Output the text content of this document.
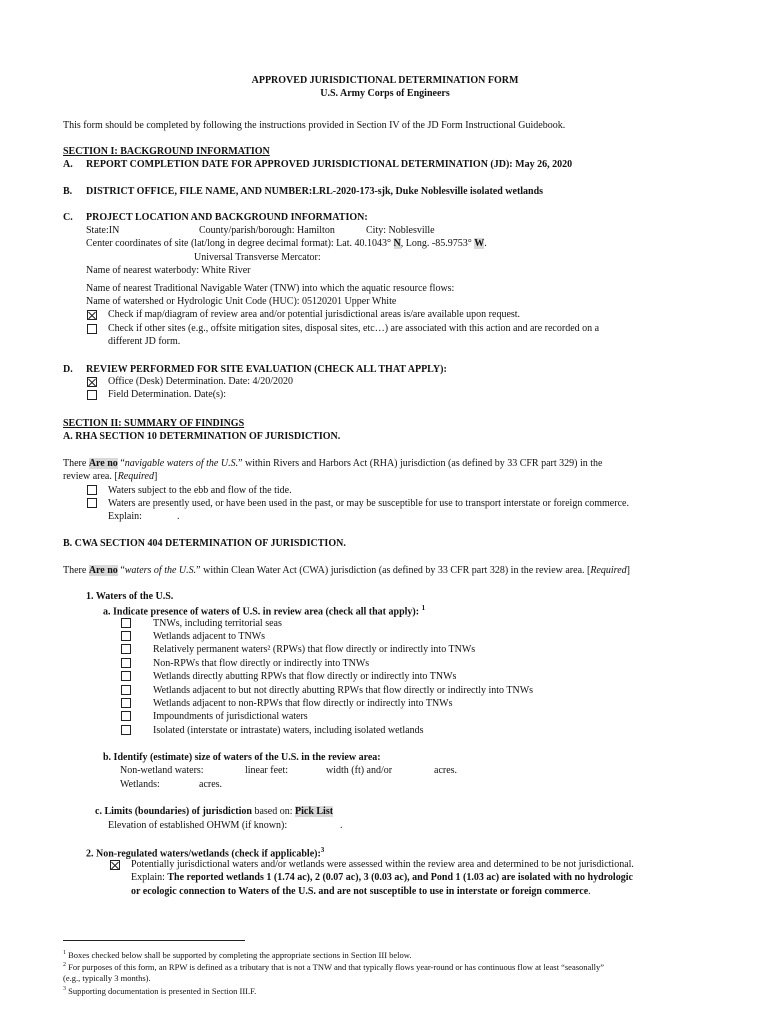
APPROVED JURISDICTIONAL DETERMINATION FORM
U.S. Army Corps of Engineers
This form should be completed by following the instructions provided in Section IV of the JD Form Instructional Guidebook.
SECTION I: BACKGROUND INFORMATION
A. REPORT COMPLETION DATE FOR APPROVED JURISDICTIONAL DETERMINATION (JD): May 26, 2020
B. DISTRICT OFFICE, FILE NAME, AND NUMBER:LRL-2020-173-sjk, Duke Noblesville isolated wetlands
C. PROJECT LOCATION AND BACKGROUND INFORMATION:
State:IN	County/parish/borough: Hamilton	City: Noblesville
Center coordinates of site (lat/long in degree decimal format): Lat. 40.1043° N, Long. -85.9753° W.
Universal Transverse Mercator:
Name of nearest waterbody: White River
Name of nearest Traditional Navigable Water (TNW) into which the aquatic resource flows:
Name of watershed or Hydrologic Unit Code (HUC): 05120201 Upper White
Check if map/diagram of review area and/or potential jurisdictional areas is/are available upon request.
Check if other sites (e.g., offsite mitigation sites, disposal sites, etc…) are associated with this action and are recorded on a
different JD form.
D. REVIEW PERFORMED FOR SITE EVALUATION (CHECK ALL THAT APPLY):
Office (Desk) Determination. Date: 4/20/2020
Field Determination. Date(s):
SECTION II: SUMMARY OF FINDINGS
A. RHA SECTION 10 DETERMINATION OF JURISDICTION.
There Are no “navigable waters of the U.S.” within Rivers and Harbors Act (RHA) jurisdiction (as defined by 33 CFR part 329) in the
review area. [Required]
Waters subject to the ebb and flow of the tide.
Waters are presently used, or have been used in the past, or may be susceptible for use to transport interstate or foreign commerce.
Explain:	.
B. CWA SECTION 404 DETERMINATION OF JURISDICTION.
There Are no “waters of the U.S.” within Clean Water Act (CWA) jurisdiction (as defined by 33 CFR part 328) in the review area. [Required]
1. Waters of the U.S.
a. Indicate presence of waters of U.S. in review area (check all that apply): $^1$
TNWs, including territorial seas
Wetlands adjacent to TNWs
Relatively permanent waters² (RPWs) that flow directly or indirectly into TNWs
Non-RPWs that flow directly or indirectly into TNWs
Wetlands directly abutting RPWs that flow directly or indirectly into TNWs
Wetlands adjacent to but not directly abutting RPWs that flow directly or indirectly into TNWs
Wetlands adjacent to non-RPWs that flow directly or indirectly into TNWs
Impoundments of jurisdictional waters
Isolated (interstate or intrastate) waters, including isolated wetlands
b. Identify (estimate) size of waters of the U.S. in the review area:
Non-wetland waters:	linear feet:	width (ft) and/or	acres.
Wetlands:	acres.
c. Limits (boundaries) of jurisdiction based on: Pick List
Elevation of established OHWM (if known):	.
2. Non-regulated waters/wetlands (check if applicable):$^3$
Potentially jurisdictional waters and/or wetlands were assessed within the review area and determined to be not jurisdictional.
Explain: The reported wetlands 1 (1.74 ac), 2 (0.07 ac), 3 (0.03 ac), and Pond 1 (1.03 ac) are isolated with no hydrologic
or ecologic connection to Waters of the U.S. and are not susceptible to use in interstate or foreign commerce.
$^1$ Boxes checked below shall be supported by completing the appropriate sections in Section III below.
$^2$ For purposes of this form, an RPW is defined as a tributary that is not a TNW and that typically flows year-round or has continuous flow at least “seasonally”
(e.g., typically 3 months).
$^3$ Supporting documentation is presented in Section III.F.
